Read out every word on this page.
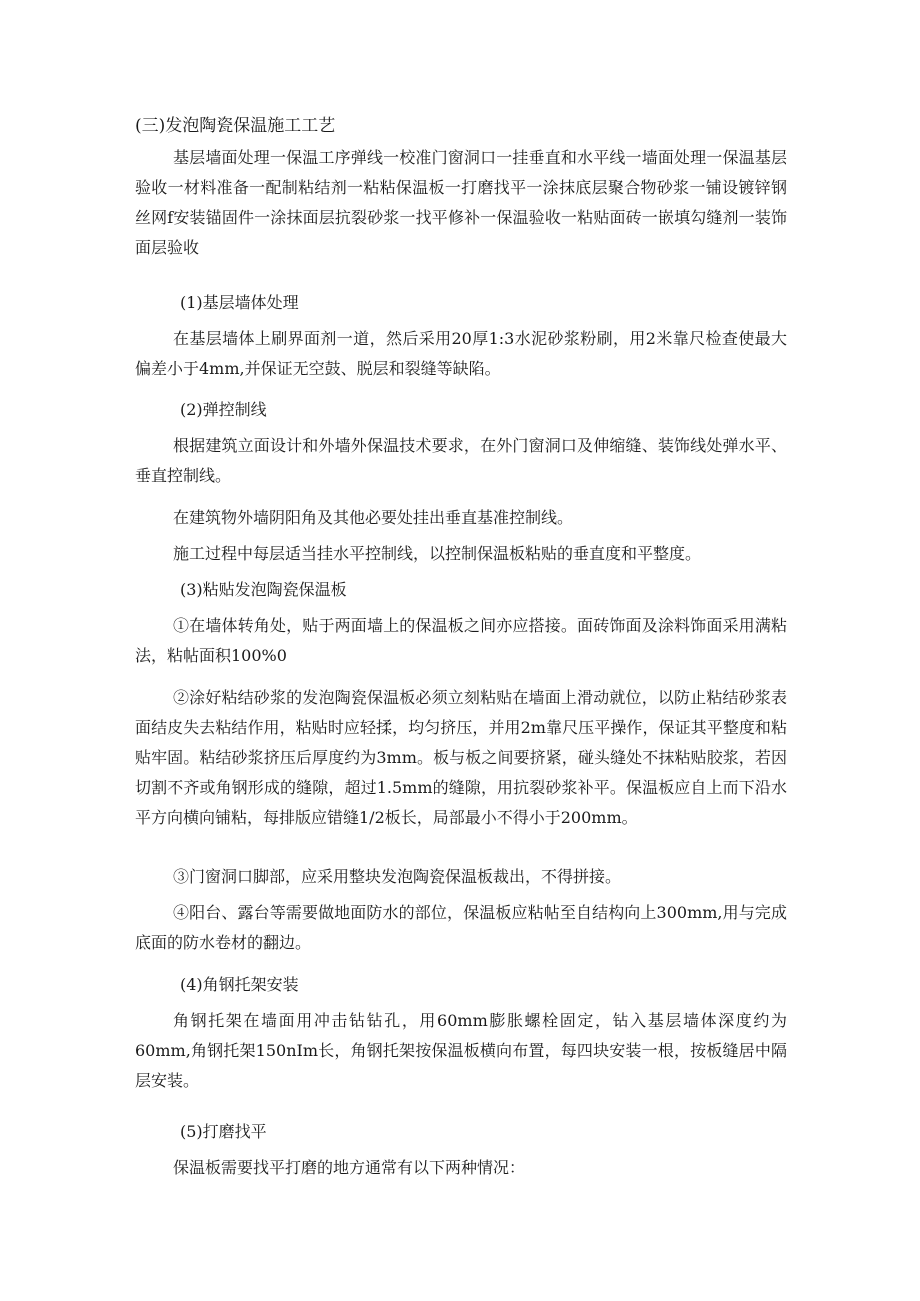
(三)发泡陶瓷保温施工工艺

基层墙面处理一保温工序弹线一校准门窗洞口一挂垂直和水平线一墙面处理一保温基层验收一材料准备一配制粘结剂一粘粘保温板一打磨找平一涂抹底层聚合物砂浆一铺设镀锌钢丝网f安装锚固件一涂抹面层抗裂砂浆一找平修补一保温验收一粘贴面砖一嵌填勾缝剂一装饰面层验收

(1)基层墙体处理

在基层墙体上刷界面剂一道，然后采用20厚1:3水泥砂浆粉刷，用2米靠尺检查使最大偏差小于4mm,并保证无空鼓、脱层和裂缝等缺陷。

(2)弹控制线

根据建筑立面设计和外墙外保温技术要求，在外门窗洞口及伸缩缝、装饰线处弹水平、垂直控制线。

在建筑物外墙阴阳角及其他必要处挂出垂直基准控制线。

施工过程中每层适当挂水平控制线，以控制保温板粘贴的垂直度和平整度。

(3)粘贴发泡陶瓷保温板

①在墙体转角处，贴于两面墙上的保温板之间亦应搭接。面砖饰面及涂料饰面采用满粘法，粘帖面积100%0

②涂好粘结砂浆的发泡陶瓷保温板必须立刻粘贴在墙面上滑动就位，以防止粘结砂浆表面结皮失去粘结作用，粘贴时应轻揉，均匀挤压，并用2m靠尺压平操作，保证其平整度和粘贴牢固。粘结砂浆挤压后厚度约为3mm。板与板之间要挤紧，碰头缝处不抹粘贴胶浆，若因切割不齐或角钢形成的缝隙，超过1.5mm的缝隙，用抗裂砂浆补平。保温板应自上而下沿水平方向横向铺粘，每排版应错缝1/2板长，局部最小不得小于200mm。

③门窗洞口脚部，应采用整块发泡陶瓷保温板裁出，不得拼接。

④阳台、露台等需要做地面防水的部位，保温板应粘帖至自结构向上300mm,用与完成底面的防水卷材的翻边。

(4)角钢托架安装

角钢托架在墙面用冲击钻钻孔，用60mm膨胀螺栓固定，钻入基层墙体深度约为60mm,角钢托架150nIm长，角钢托架按保温板横向布置，每四块安装一根，按板缝居中隔层安装。

(5)打磨找平

保温板需要找平打磨的地方通常有以下两种情况：
